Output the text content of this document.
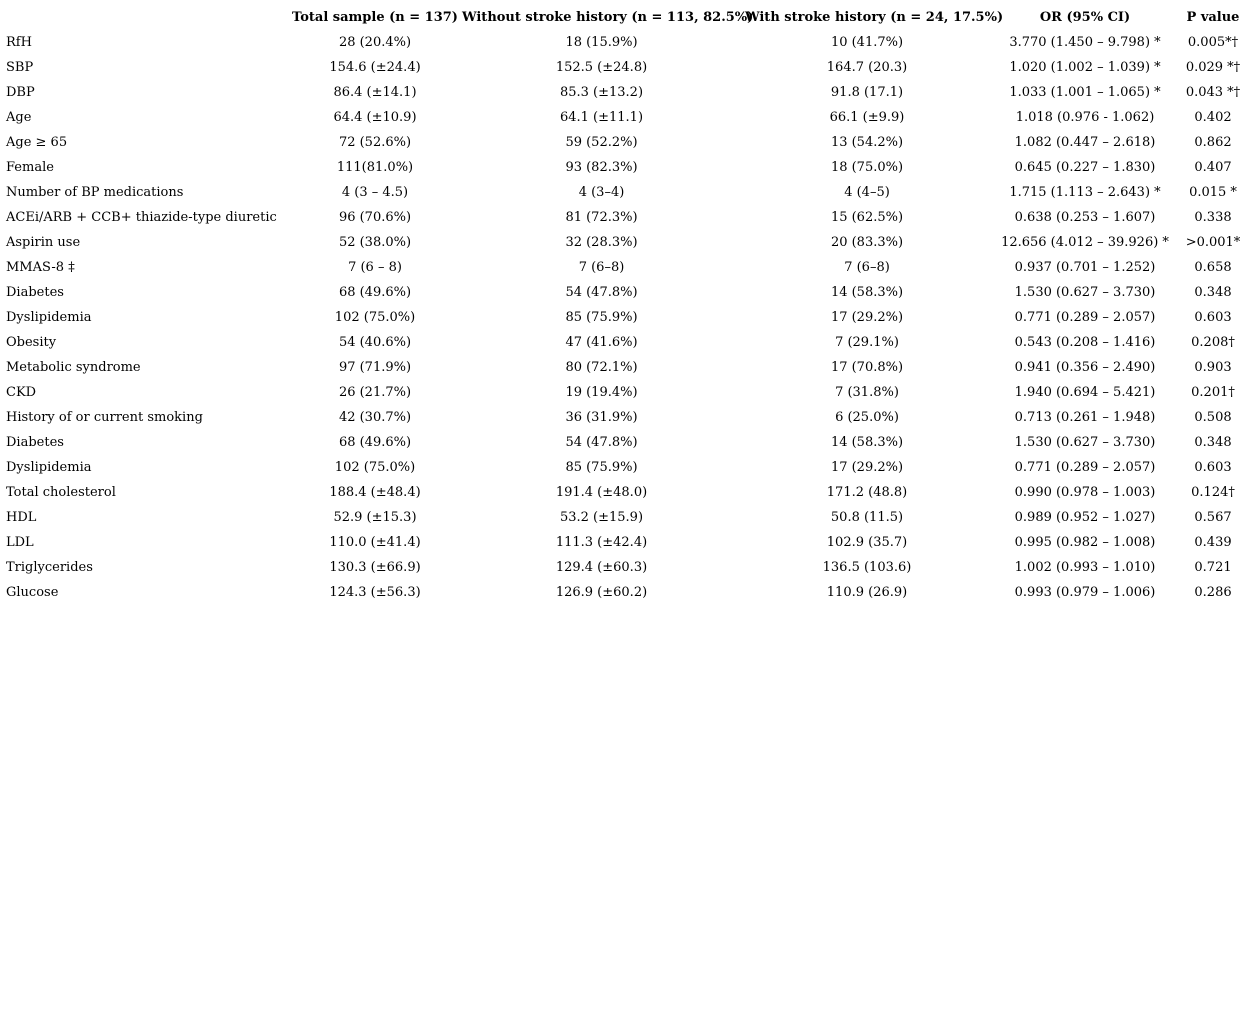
	Total sample (n = 137)	Without stroke history (n = 113, 82.5%)	With stroke history (n = 24, 17.5%)	OR (95% CI)	P value
RfH	28 (20.4%)	18 (15.9%)	10 (41.7%)	3.770 (1.450 – 9.798) *	0.005*†
SBP	154.6 (±24.4)	152.5 (±24.8)	164.7 (20.3)	1.020 (1.002 – 1.039) *	0.029 *†
DBP	86.4 (±14.1)	85.3 (±13.2)	91.8 (17.1)	1.033 (1.001 – 1.065) *	0.043 *†
Age	64.4 (±10.9)	64.1 (±11.1)	66.1 (±9.9)	1.018 (0.976 - 1.062)	0.402
Age ≥ 65	72 (52.6%)	59 (52.2%)	13 (54.2%)	1.082 (0.447 – 2.618)	0.862
Female	111(81.0%)	93 (82.3%)	18 (75.0%)	0.645 (0.227 – 1.830)	0.407
Number of BP medications	4 (3 – 4.5)	4 (3–4)	4 (4–5)	1.715 (1.113 – 2.643) *	0.015 *
ACEi/ARB + CCB+ thiazide-type diuretic	96 (70.6%)	81 (72.3%)	15 (62.5%)	0.638 (0.253 – 1.607)	0.338
Aspirin use	52 (38.0%)	32 (28.3%)	20 (83.3%)	12.656 (4.012 – 39.926) *	>0.001*
MMAS-8 ‡	7 (6 – 8)	7 (6–8)	7 (6–8)	0.937 (0.701 – 1.252)	0.658
Diabetes	68 (49.6%)	54 (47.8%)	14 (58.3%)	1.530 (0.627 – 3.730)	0.348
Dyslipidemia	102 (75.0%)	85 (75.9%)	17 (29.2%)	0.771 (0.289 – 2.057)	0.603
Obesity	54 (40.6%)	47 (41.6%)	7 (29.1%)	0.543 (0.208 – 1.416)	0.208†
Metabolic syndrome	97 (71.9%)	80 (72.1%)	17 (70.8%)	0.941 (0.356 – 2.490)	0.903
CKD	26 (21.7%)	19 (19.4%)	7 (31.8%)	1.940 (0.694 – 5.421)	0.201†
History of or current smoking	42 (30.7%)	36 (31.9%)	6 (25.0%)	0.713 (0.261 – 1.948)	0.508
Diabetes	68 (49.6%)	54 (47.8%)	14 (58.3%)	1.530 (0.627 – 3.730)	0.348
Dyslipidemia	102 (75.0%)	85 (75.9%)	17 (29.2%)	0.771 (0.289 – 2.057)	0.603
Total cholesterol	188.4 (±48.4)	191.4 (±48.0)	171.2 (48.8)	0.990 (0.978 – 1.003)	0.124†
HDL	52.9 (±15.3)	53.2 (±15.9)	50.8 (11.5)	0.989 (0.952 – 1.027)	0.567
LDL	110.0 (±41.4)	111.3 (±42.4)	102.9 (35.7)	0.995 (0.982 – 1.008)	0.439
Triglycerides	130.3 (±66.9)	129.4 (±60.3)	136.5 (103.6)	1.002 (0.993 – 1.010)	0.721
Glucose	124.3 (±56.3)	126.9 (±60.2)	110.9 (26.9)	0.993 (0.979 – 1.006)	0.286
